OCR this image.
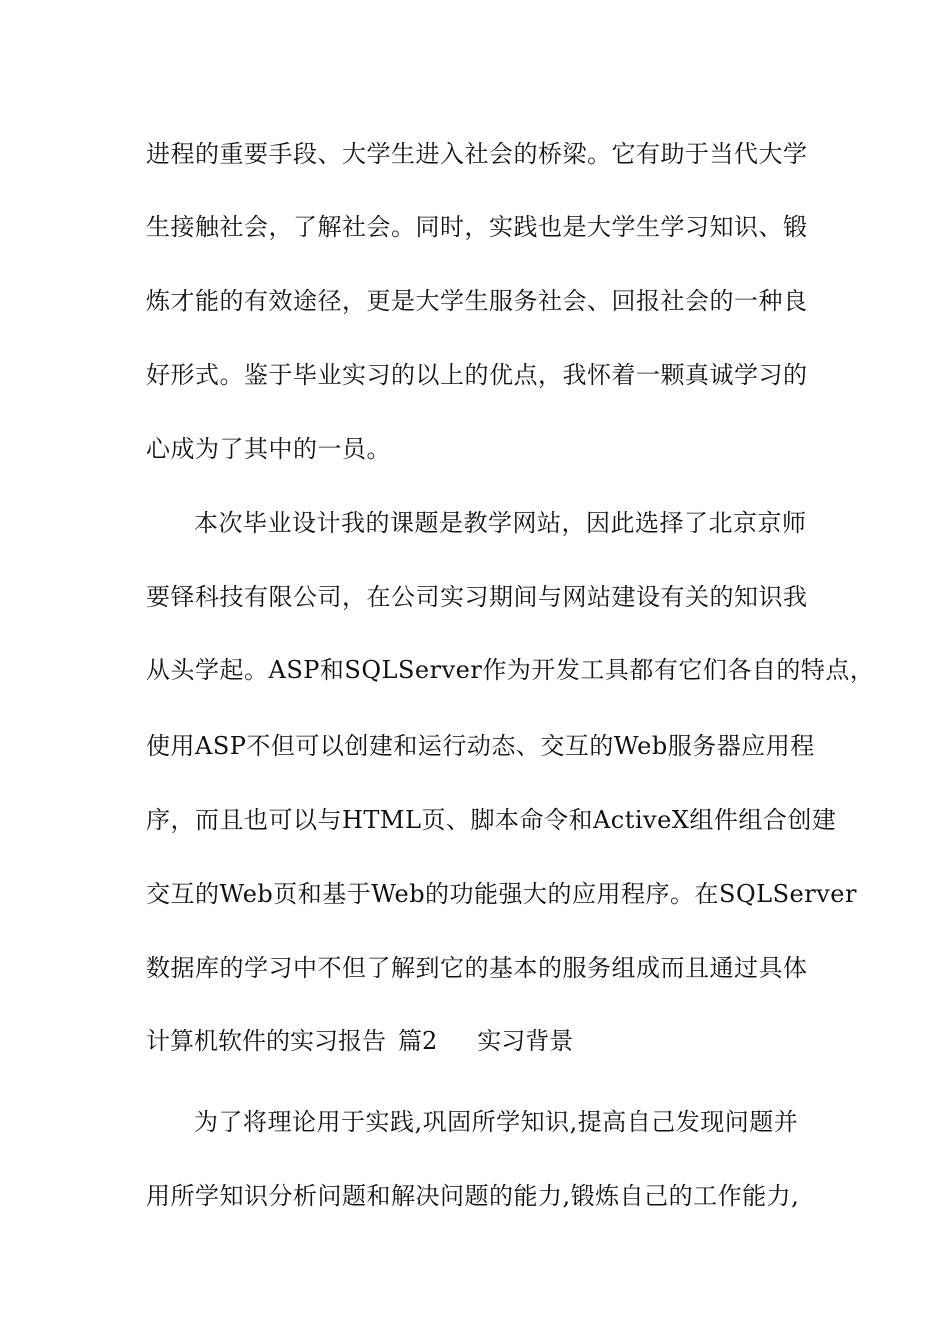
进程的重要手段、大学生进入社会的桥梁。它有助于当代大学
生接触社会，了解社会。同时，实践也是大学生学习知识、锻
炼才能的有效途径，更是大学生服务社会、回报社会的一种良
好形式。鉴于毕业实习的以上的优点，我怀着一颗真诚学习的
心成为了其中的一员。
本次毕业设计我的课题是教学网站，因此选择了北京京师
要铎科技有限公司，在公司实习期间与网站建设有关的知识我
从头学起。ASP和SQLServer作为开发工具都有它们各自的特点，
使用ASP不但可以创建和运行动态、交互的Web服务器应用程
序，而且也可以与HTML页、脚本命令和ActiveX组件组合创建
交互的Web页和基于Web的功能强大的应用程序。在SQLServer
数据库的学习中不但了解到它的基本的服务组成而且通过具体
计算机软件的实习报告 篇2 实习背景
为了将理论用于实践,巩固所学知识,提高自己发现问题并
用所学知识分析问题和解决问题的能力,锻炼自己的工作能力,
